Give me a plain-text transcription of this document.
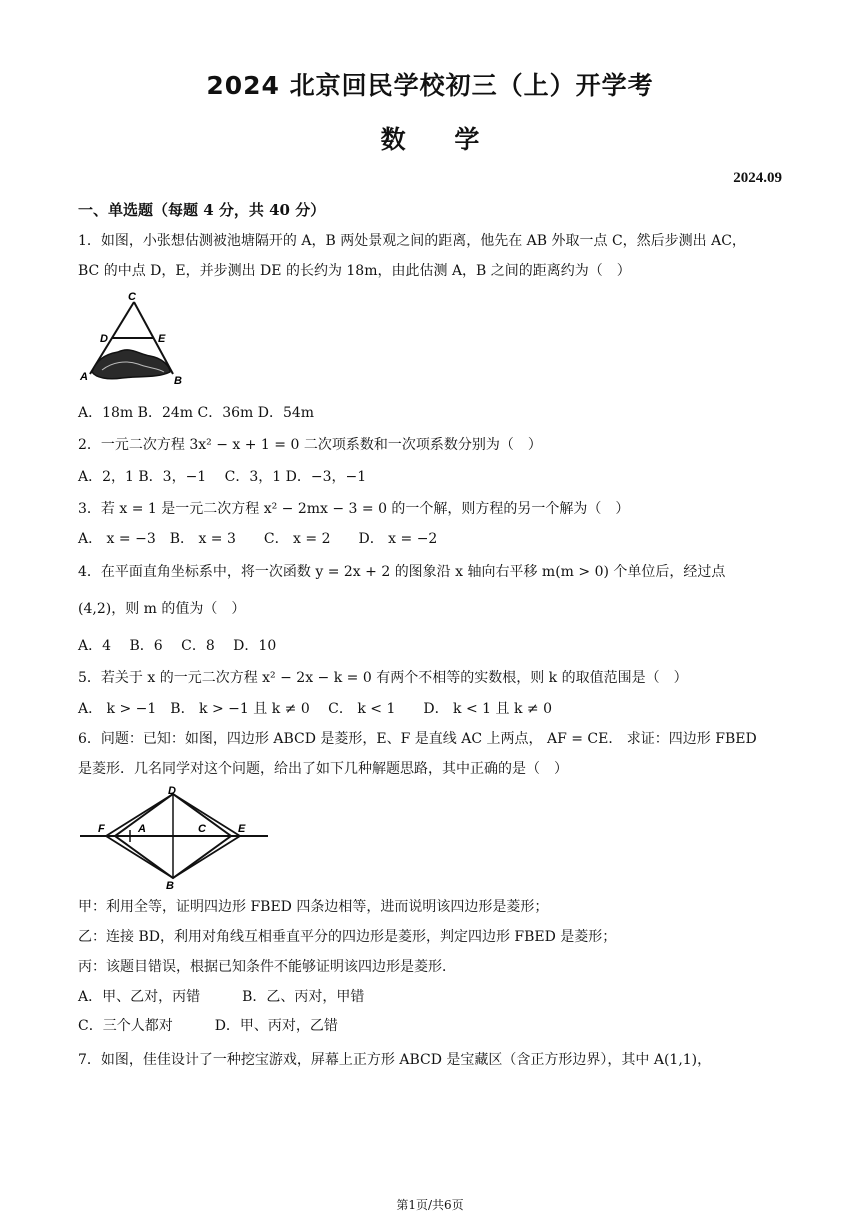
2024 北京回民学校初三（上）开学考
数 学
2024.09
一、单选题（每题 4 分，共 40 分）
1．如图，小张想估测被池塘隔开的 A，B 两处景观之间的距离，他先在 AB 外取一点 C，然后步测出 AC，
BC 的中点 D，E，并步测出 DE 的长约为 18m，由此估测 A，B 之间的距离约为（　）
C
D	E
A	B
A．18m B．24m C．36m D．54m
2．一元二次方程 3x² − x + 1 = 0 二次项系数和一次项系数分别为（　）
A．2，1 B．3，−1　 C．3，1 D．−3，−1
3．若 x = 1 是一元二次方程 x² − 2mx − 3 = 0 的一个解，则方程的另一个解为（　）
A． x = −3　B． x = 3　　C． x = 2　　D． x = −2
4．在平面直角坐标系中，将一次函数 y = 2x + 2 的图象沿 x 轴向右平移 m(m > 0) 个单位后，经过点
(4,2)，则 m 的值为（　）
A．4　 B．6　 C．8　 D．10
5．若关于 x 的一元二次方程 x² − 2x − k = 0 有两个不相等的实数根，则 k 的取值范围是（　）
A． k > −1　B． k > −1 且 k ≠ 0　 C． k < 1　　D． k < 1 且 k ≠ 0
6．问题：已知：如图，四边形 ABCD 是菱形，E、F 是直线 AC 上两点， AF = CE． 求证：四边形 FBED
是菱形．几名同学对这个问题，给出了如下几种解题思路，其中正确的是（　）
D
F	A	C	E
B
甲：利用全等，证明四边形 FBED 四条边相等，进而说明该四边形是菱形；
乙：连接 BD，利用对角线互相垂直平分的四边形是菱形，判定四边形 FBED 是菱形；
丙：该题目错误，根据已知条件不能够证明该四边形是菱形．
A．甲、乙对，丙错　　　B．乙、丙对，甲错
C．三个人都对　　　D．甲、丙对，乙错
7．如图，佳佳设计了一种挖宝游戏，屏幕上正方形 ABCD 是宝藏区（含正方形边界），其中 A(1,1)，
第1页/共6页
